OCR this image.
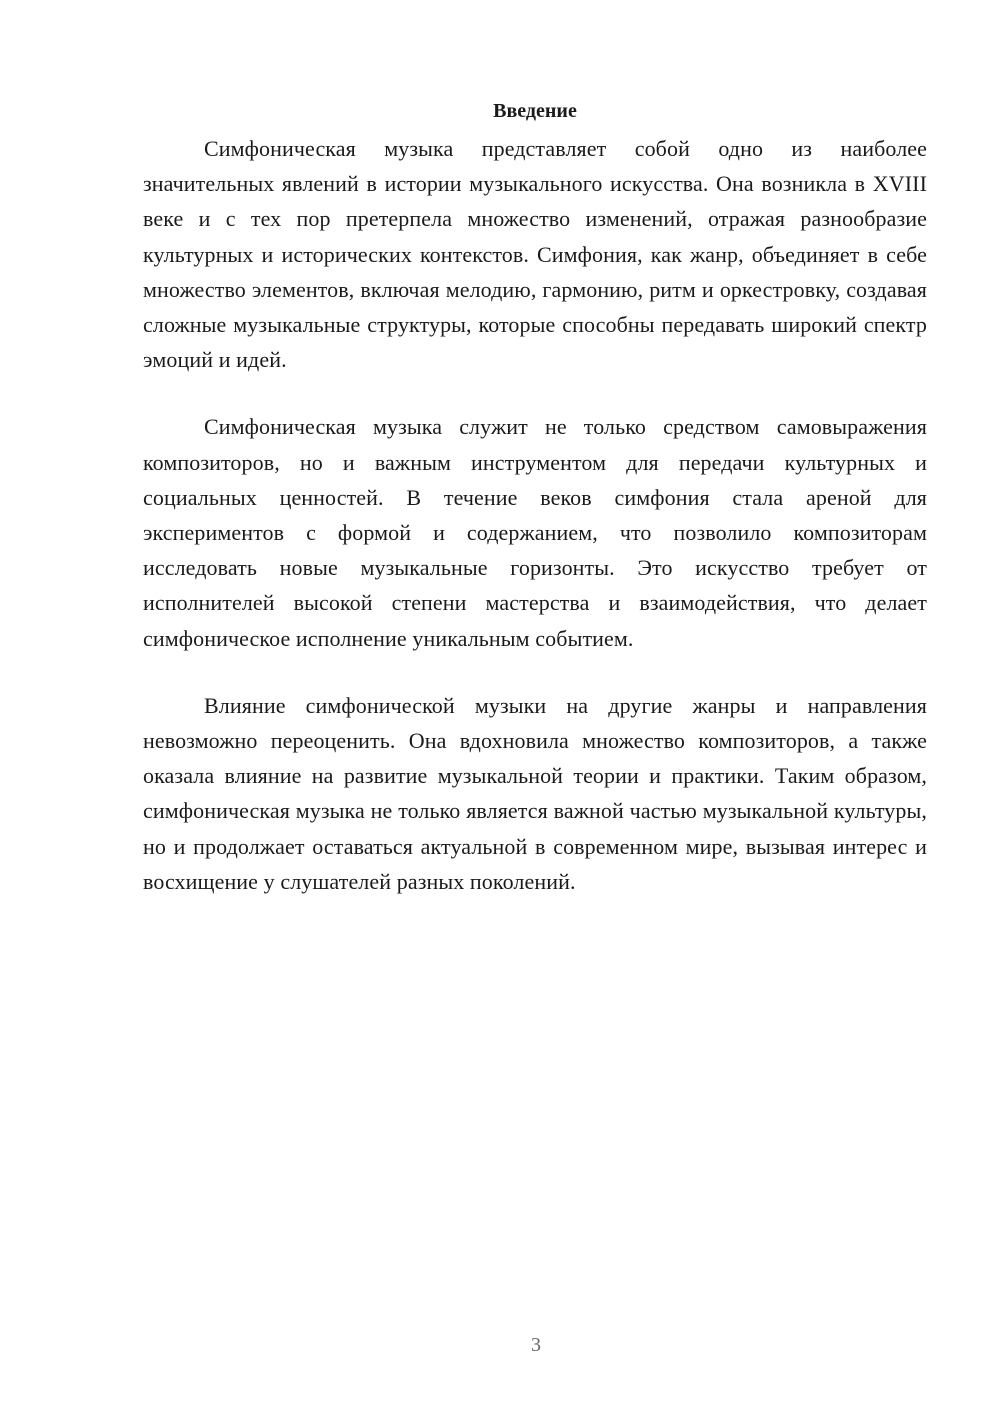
Введение

Симфоническая музыка представляет собой одно из наиболее значительных явлений в истории музыкального искусства. Она возникла в XVIII веке и с тех пор претерпела множество изменений, отражая разнообразие культурных и исторических контекстов. Симфония, как жанр, объединяет в себе множество элементов, включая мелодию, гармонию, ритм и оркестровку, создавая сложные музыкальные структуры, которые способны передавать широкий спектр эмоций и идей.

Симфоническая музыка служит не только средством самовыражения композиторов, но и важным инструментом для передачи культурных и социальных ценностей. В течение веков симфония стала ареной для экспериментов с формой и содержанием, что позволило композиторам исследовать новые музыкальные горизонты. Это искусство требует от исполнителей высокой степени мастерства и взаимодействия, что делает симфоническое исполнение уникальным событием.

Влияние симфонической музыки на другие жанры и направления невозможно переоценить. Она вдохновила множество композиторов, а также оказала влияние на развитие музыкальной теории и практики. Таким образом, симфоническая музыка не только является важной частью музыкальной культуры, но и продолжает оставаться актуальной в современном мире, вызывая интерес и восхищение у слушателей разных поколений.

3
